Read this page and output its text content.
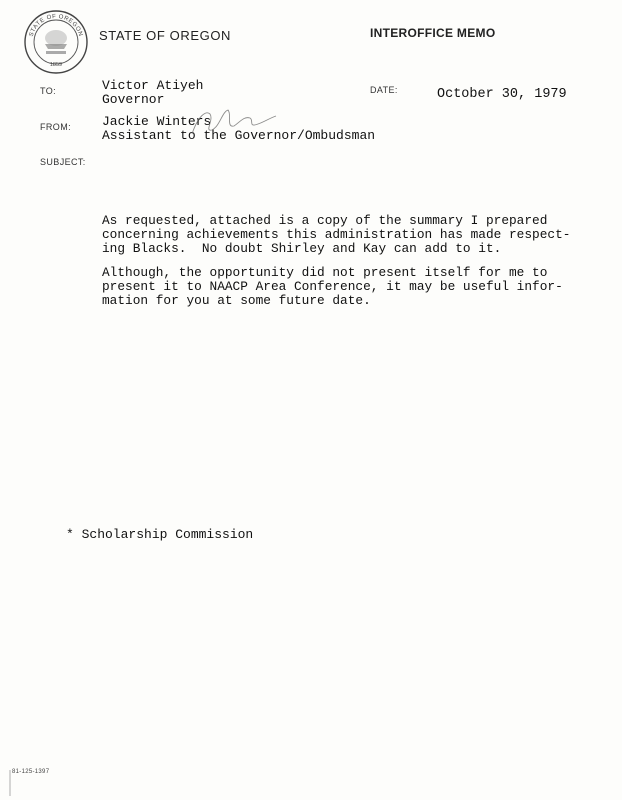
STATE OF OREGON
1859
STATE OF OREGON	INTEROFFICE MEMO
TO:	Victor Atiyeh
Governor
DATE:	October 30, 1979
FROM: Jackie Winters
Assistant to the Governor/Ombudsman
SUBJECT:
As requested, attached is a copy of the summary I prepared
concerning achievements this administration has made respect-
ing Blacks.  No doubt Shirley and Kay can add to it.
Although, the opportunity did not present itself for me to
present it to NAACP Area Conference, it may be useful infor-
mation for you at some future date.
* Scholarship Commission
81-125-1397
